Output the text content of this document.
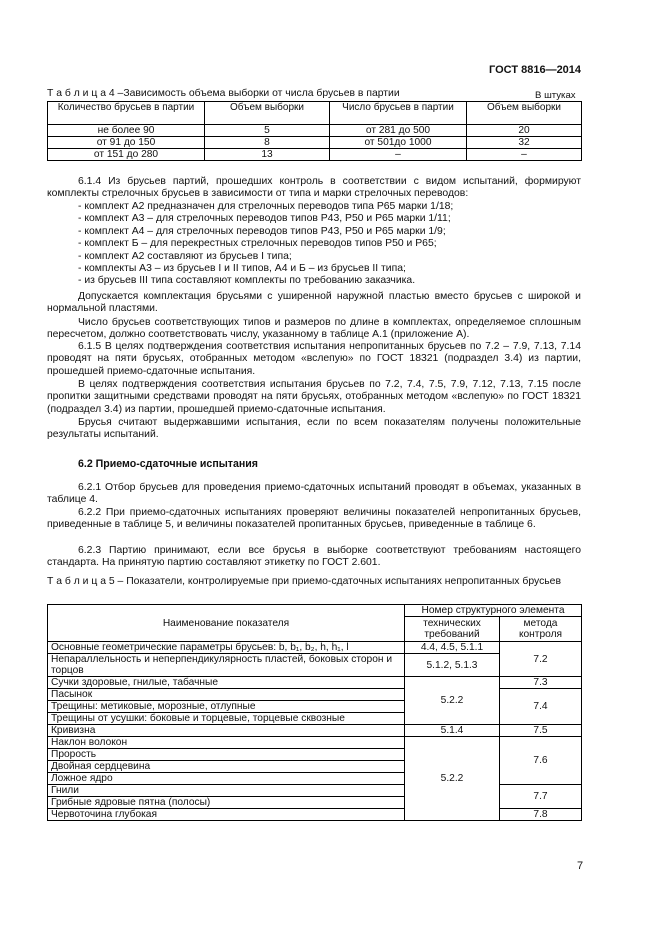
ГОСТ 8816—2014
Т а б л и ц а 4 –Зависимость объема выборки от числа брусьев в партии	В штуках
Количество брусьев в партии	Объем выборки	Число брусьев в партии	Объем выборки
не более 90	5	от 281 до 500	20
от 91 до 150	8	от 501до 1000	32
от 151 до 280	13	–	–
6.1.4 Из брусьев партий, прошедших контроль в соответствии с видом испытаний, формируют комплекты стрелочных брусьев в зависимости от типа и марки стрелочных переводов:
- комплект А2 предназначен для стрелочных переводов типа Р65 марки 1/18;
- комплект А3 – для стрелочных переводов типов Р43, Р50 и Р65 марки 1/11;
- комплект А4 – для стрелочных переводов типов Р43, Р50 и Р65 марки 1/9;
- комплект Б – для перекрестных стрелочных переводов типов Р50 и Р65;
- комплект А2 составляют из брусьев I типа;
- комплекты А3 – из брусьев I и II типов, А4 и Б – из брусьев II типа;
- из брусьев III типа составляют комплекты по требованию заказчика.
Допускается комплектация брусьями с уширенной наружной пластью вместо брусьев с широкой и нормальной пластями.
Число брусьев соответствующих типов и размеров по длине в комплектах, определяемое сплошным пересчетом, должно соответствовать числу, указанному в таблице А.1 (приложение А).
6.1.5 В целях подтверждения соответствия испытания непропитанных брусьев по 7.2 – 7.9, 7.13, 7.14 проводят на пяти брусьях, отобранных методом «вслепую» по ГОСТ 18321 (подраздел 3.4) из партии, прошедшей приемо-сдаточные испытания.
В целях подтверждения соответствия испытания брусьев по 7.2, 7.4, 7.5, 7.9, 7.12, 7.13, 7.15 после пропитки защитными средствами проводят на пяти брусьях, отобранных методом «вслепую» по ГОСТ 18321 (подраздел 3.4) из партии, прошедшей приемо-сдаточные испытания.
Брусья считают выдержавшими испытания, если по всем показателям получены положительные результаты испытаний.
6.2 Приемо-сдаточные испытания
6.2.1 Отбор брусьев для проведения приемо-сдаточных испытаний проводят в объемах, указанных в таблице 4.
6.2.2 При приемо-сдаточных испытаниях проверяют величины показателей непропитанных брусьев, приведенные в таблице 5, и величины показателей пропитанных брусьев, приведенные в таблице 6.
6.2.3 Партию принимают, если все брусья в выборке соответствуют требованиям настоящего стандарта. На принятую партию составляют этикетку по ГОСТ 2.601.
Т а б л и ц а 5 – Показатели, контролируемые при приемо-сдаточных испытаниях непропитанных брусьев
Наименование показателя	Номер структурного элемента	
	технических требований	метода контроля
Основные геометрические параметры брусьев: b, b₁, b₂, h, h₁, l	4.4, 4.5, 5.1.1	7.2
Непараллельность и неперпендикулярность пластей, боковых сторон и торцов	5.1.2, 5.1.3	
Сучки здоровые, гнилые, табачные	5.2.2	7.3
Пасынок		7.4
Трещины: метиковые, морозные, отлупные		
Трещины от усушки: боковые и торцевые, торцевые сквозные		
Кривизна	5.1.4	7.5
Наклон волокон	5.2.2	7.6
Прорость		
Двойная сердцевина		
Ложное ядро		
Гнили		7.7
Грибные ядровые пятна (полосы)		
Червоточина глубокая		7.8
7
